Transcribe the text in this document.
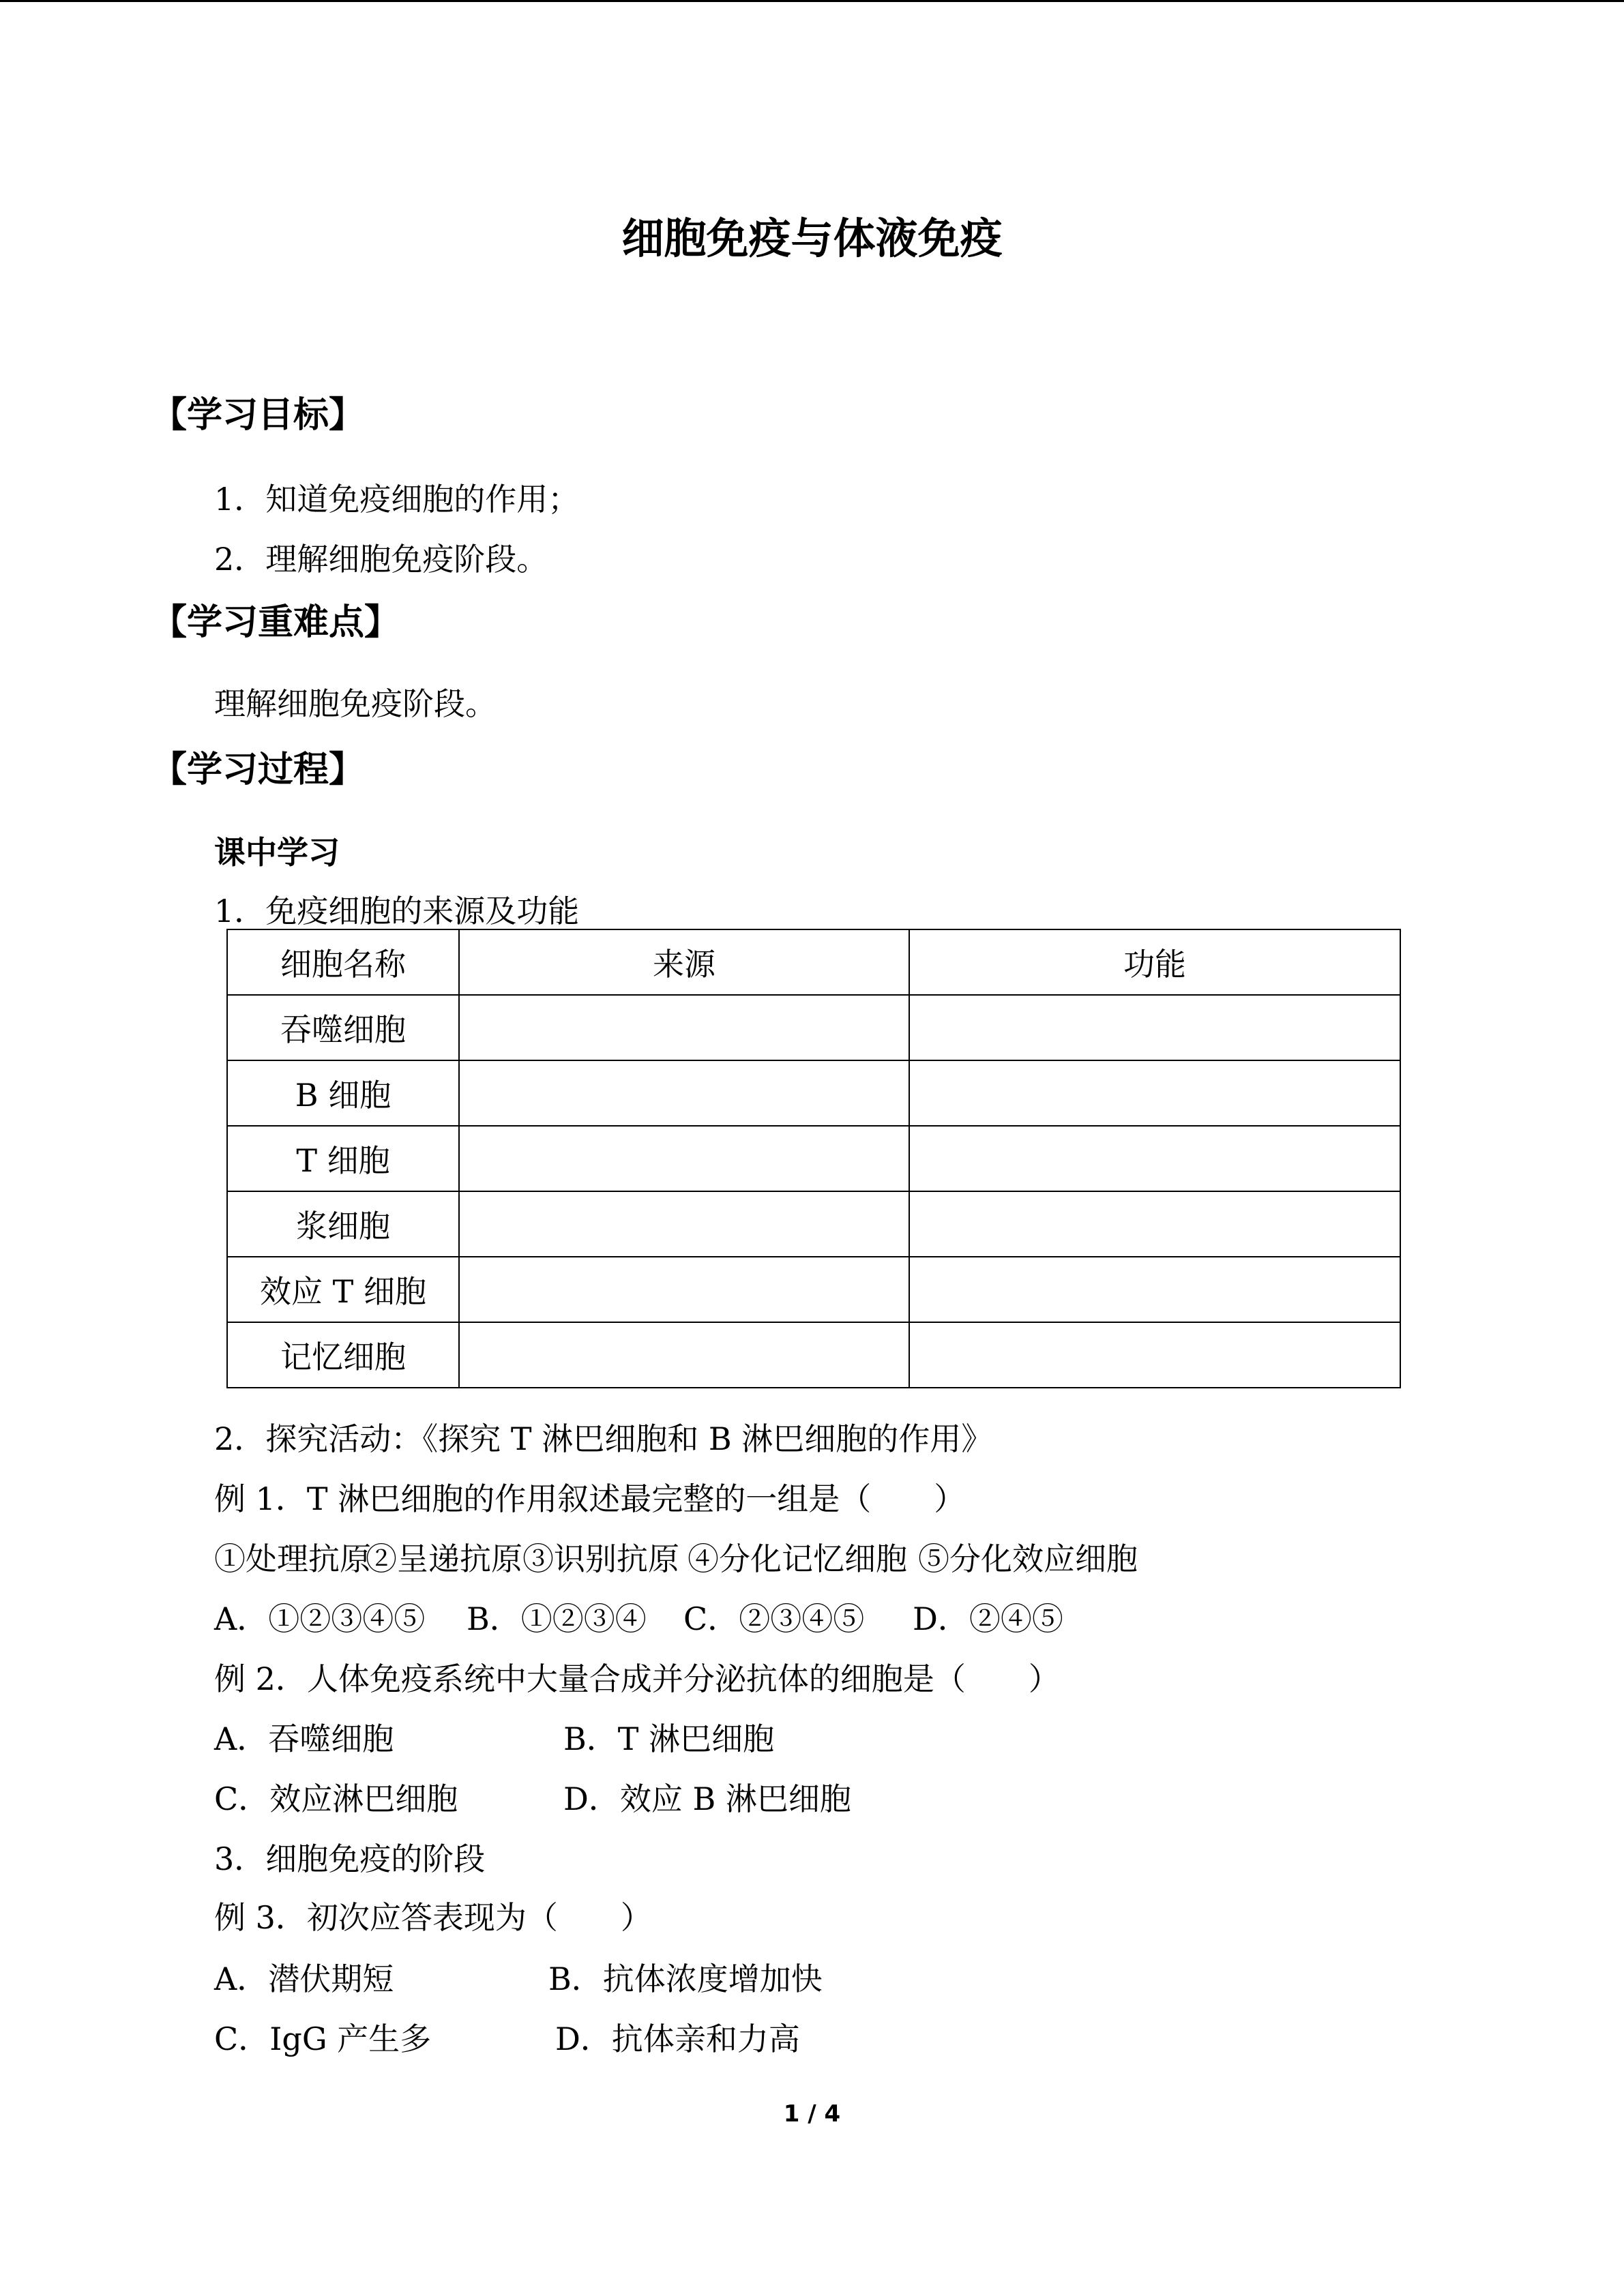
细胞免疫与体液免疫
【学习目标】
1．知道免疫细胞的作用；
2．理解细胞免疫阶段。
【学习重难点】
理解细胞免疫阶段。
【学习过程】
课中学习
1．免疫细胞的来源及功能
细胞名称	来源	功能
吞噬细胞		
B 细胞		
T 细胞		
浆细胞		
效应 T 细胞		
记忆细胞		
2．探究活动：《探究 T 淋巴细胞和 B 淋巴细胞的作用》
例 1．T 淋巴细胞的作用叙述最完整的一组是（　　）
①处理抗原②呈递抗原③识别抗原 ④分化记忆细胞 ⑤分化效应细胞
A．①②③④⑤ B．①②③④ C．②③④⑤ D．②④⑤
例 2．人体免疫系统中大量合成并分泌抗体的细胞是（　　）
A．吞噬细胞	B．T 淋巴细胞
C．效应淋巴细胞	D．效应 B 淋巴细胞
3．细胞免疫的阶段
例 3．初次应答表现为（　　）
A．潜伏期短	B．抗体浓度增加快
C．IgG 产生多	D．抗体亲和力高
1 / 4
